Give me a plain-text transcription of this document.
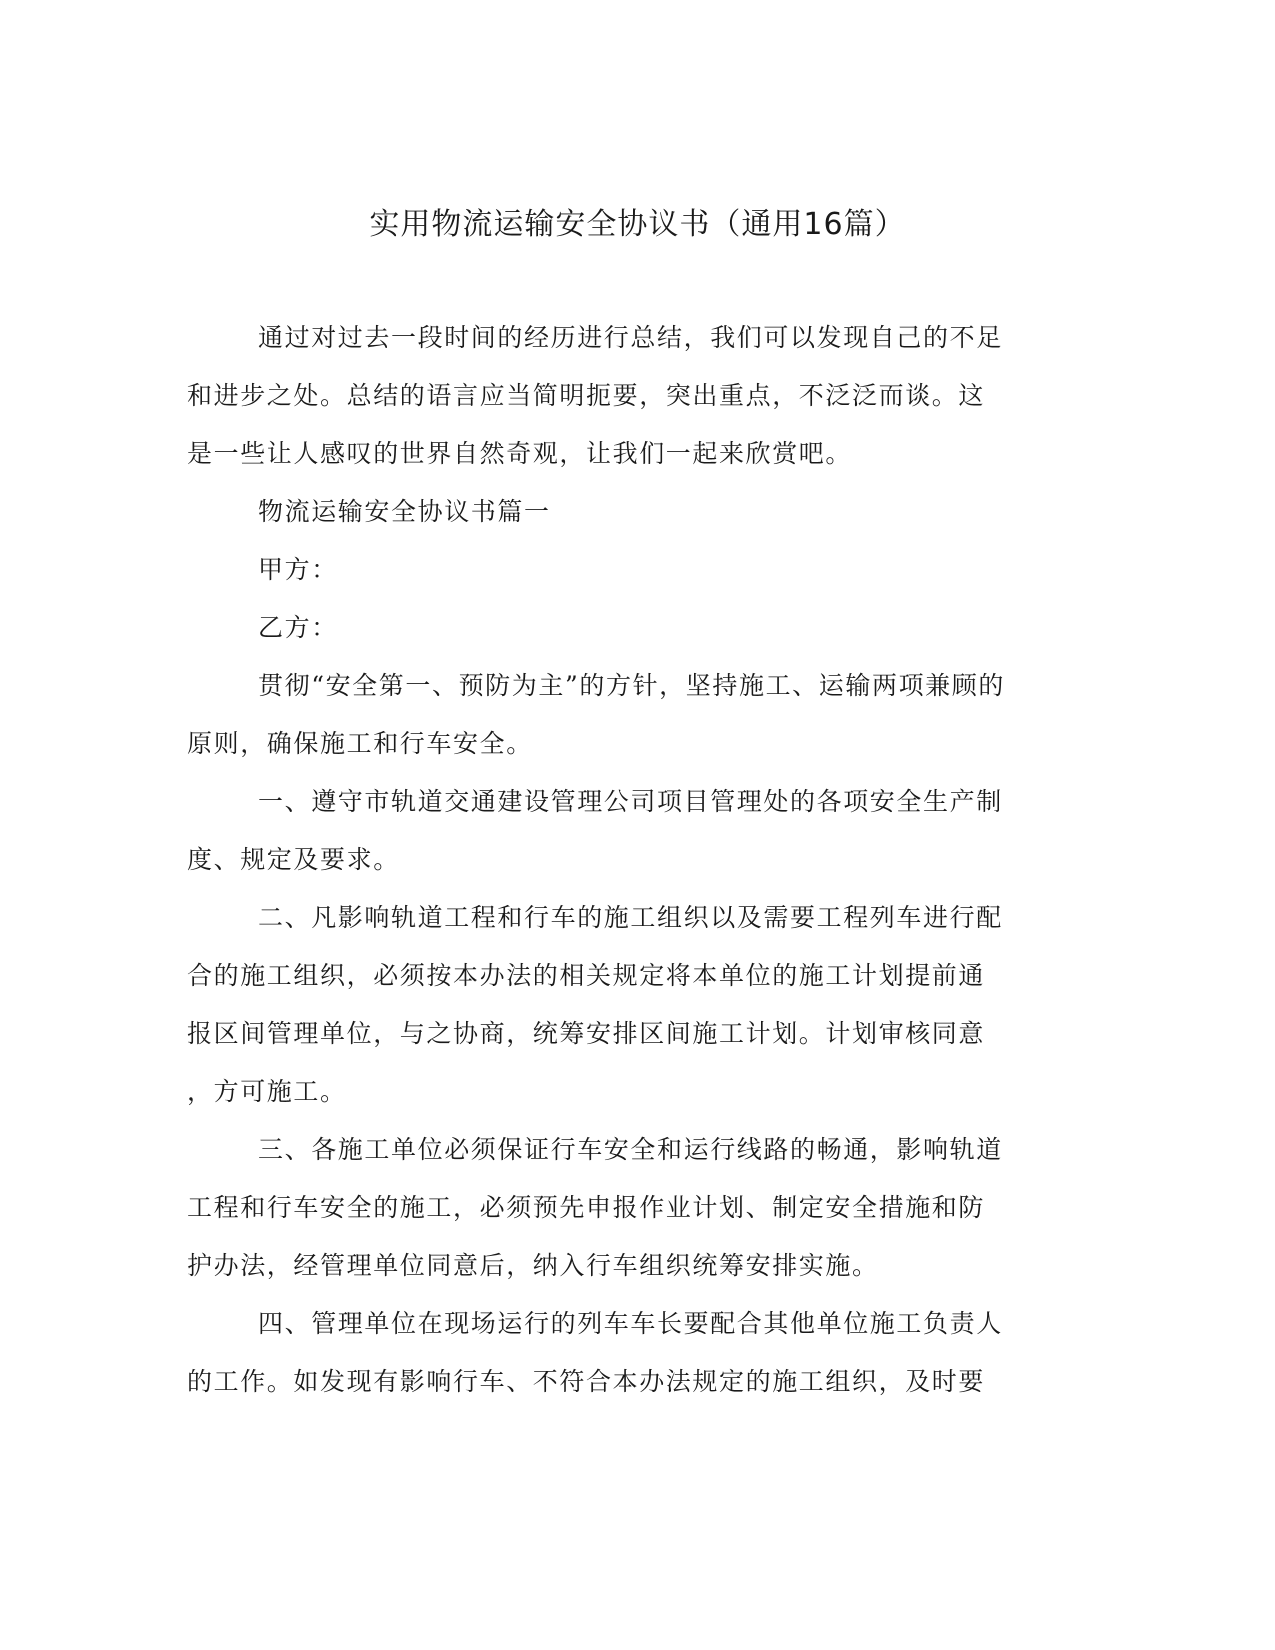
实用物流运输安全协议书（通用16篇）
通过对过去一段时间的经历进行总结，我们可以发现自己的不足
和进步之处。总结的语言应当简明扼要，突出重点，不泛泛而谈。这
是一些让人感叹的世界自然奇观，让我们一起来欣赏吧。
物流运输安全协议书篇一
甲方：
乙方：
贯彻“安全第一、预防为主”的方针，坚持施工、运输两项兼顾的
原则，确保施工和行车安全。
一、遵守市轨道交通建设管理公司项目管理处的各项安全生产制
度、规定及要求。
二、凡影响轨道工程和行车的施工组织以及需要工程列车进行配
合的施工组织，必须按本办法的相关规定将本单位的施工计划提前通
报区间管理单位，与之协商，统筹安排区间施工计划。计划审核同意
，方可施工。
三、各施工单位必须保证行车安全和运行线路的畅通，影响轨道
工程和行车安全的施工，必须预先申报作业计划、制定安全措施和防
护办法，经管理单位同意后，纳入行车组织统筹安排实施。
四、管理单位在现场运行的列车车长要配合其他单位施工负责人
的工作。如发现有影响行车、不符合本办法规定的施工组织，及时要
